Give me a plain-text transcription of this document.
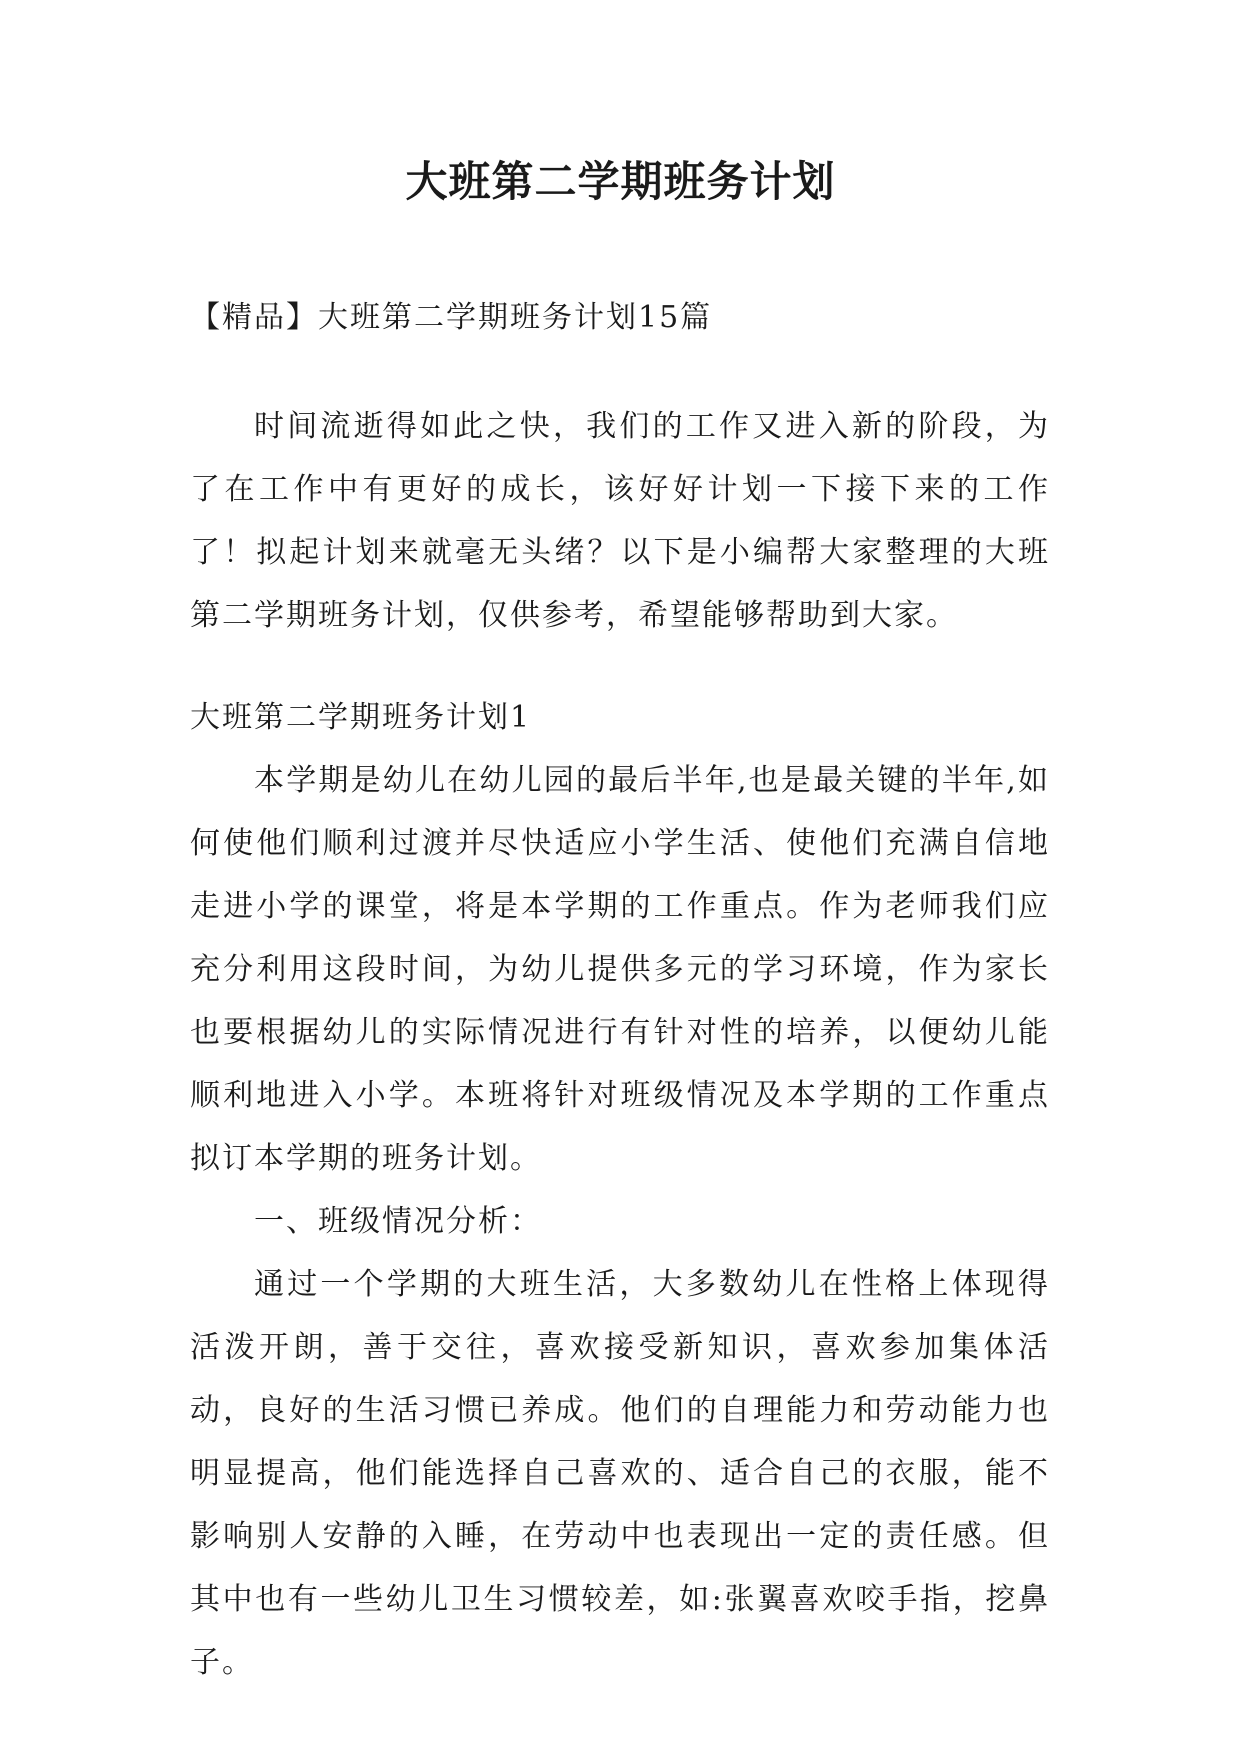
大班第二学期班务计划

【精品】大班第二学期班务计划15篇

时间流逝得如此之快，我们的工作又进入新的阶段，为了在工作中有更好的成长，该好好计划一下接下来的工作了！拟起计划来就毫无头绪？以下是小编帮大家整理的大班第二学期班务计划，仅供参考，希望能够帮助到大家。

大班第二学期班务计划1

本学期是幼儿在幼儿园的最后半年,也是最关键的半年,如何使他们顺利过渡并尽快适应小学生活、使他们充满自信地走进小学的课堂，将是本学期的工作重点。作为老师我们应充分利用这段时间，为幼儿提供多元的学习环境，作为家长也要根据幼儿的实际情况进行有针对性的培养，以便幼儿能顺利地进入小学。本班将针对班级情况及本学期的工作重点拟订本学期的班务计划。

一、班级情况分析：

通过一个学期的大班生活，大多数幼儿在性格上体现得活泼开朗，善于交往，喜欢接受新知识，喜欢参加集体活动，良好的生活习惯已养成。他们的自理能力和劳动能力也明显提高，他们能选择自己喜欢的、适合自己的衣服，能不影响别人安静的入睡，在劳动中也表现出一定的责任感。但其中也有一些幼儿卫生习惯较差，如:张翼喜欢咬手指，挖鼻子。
